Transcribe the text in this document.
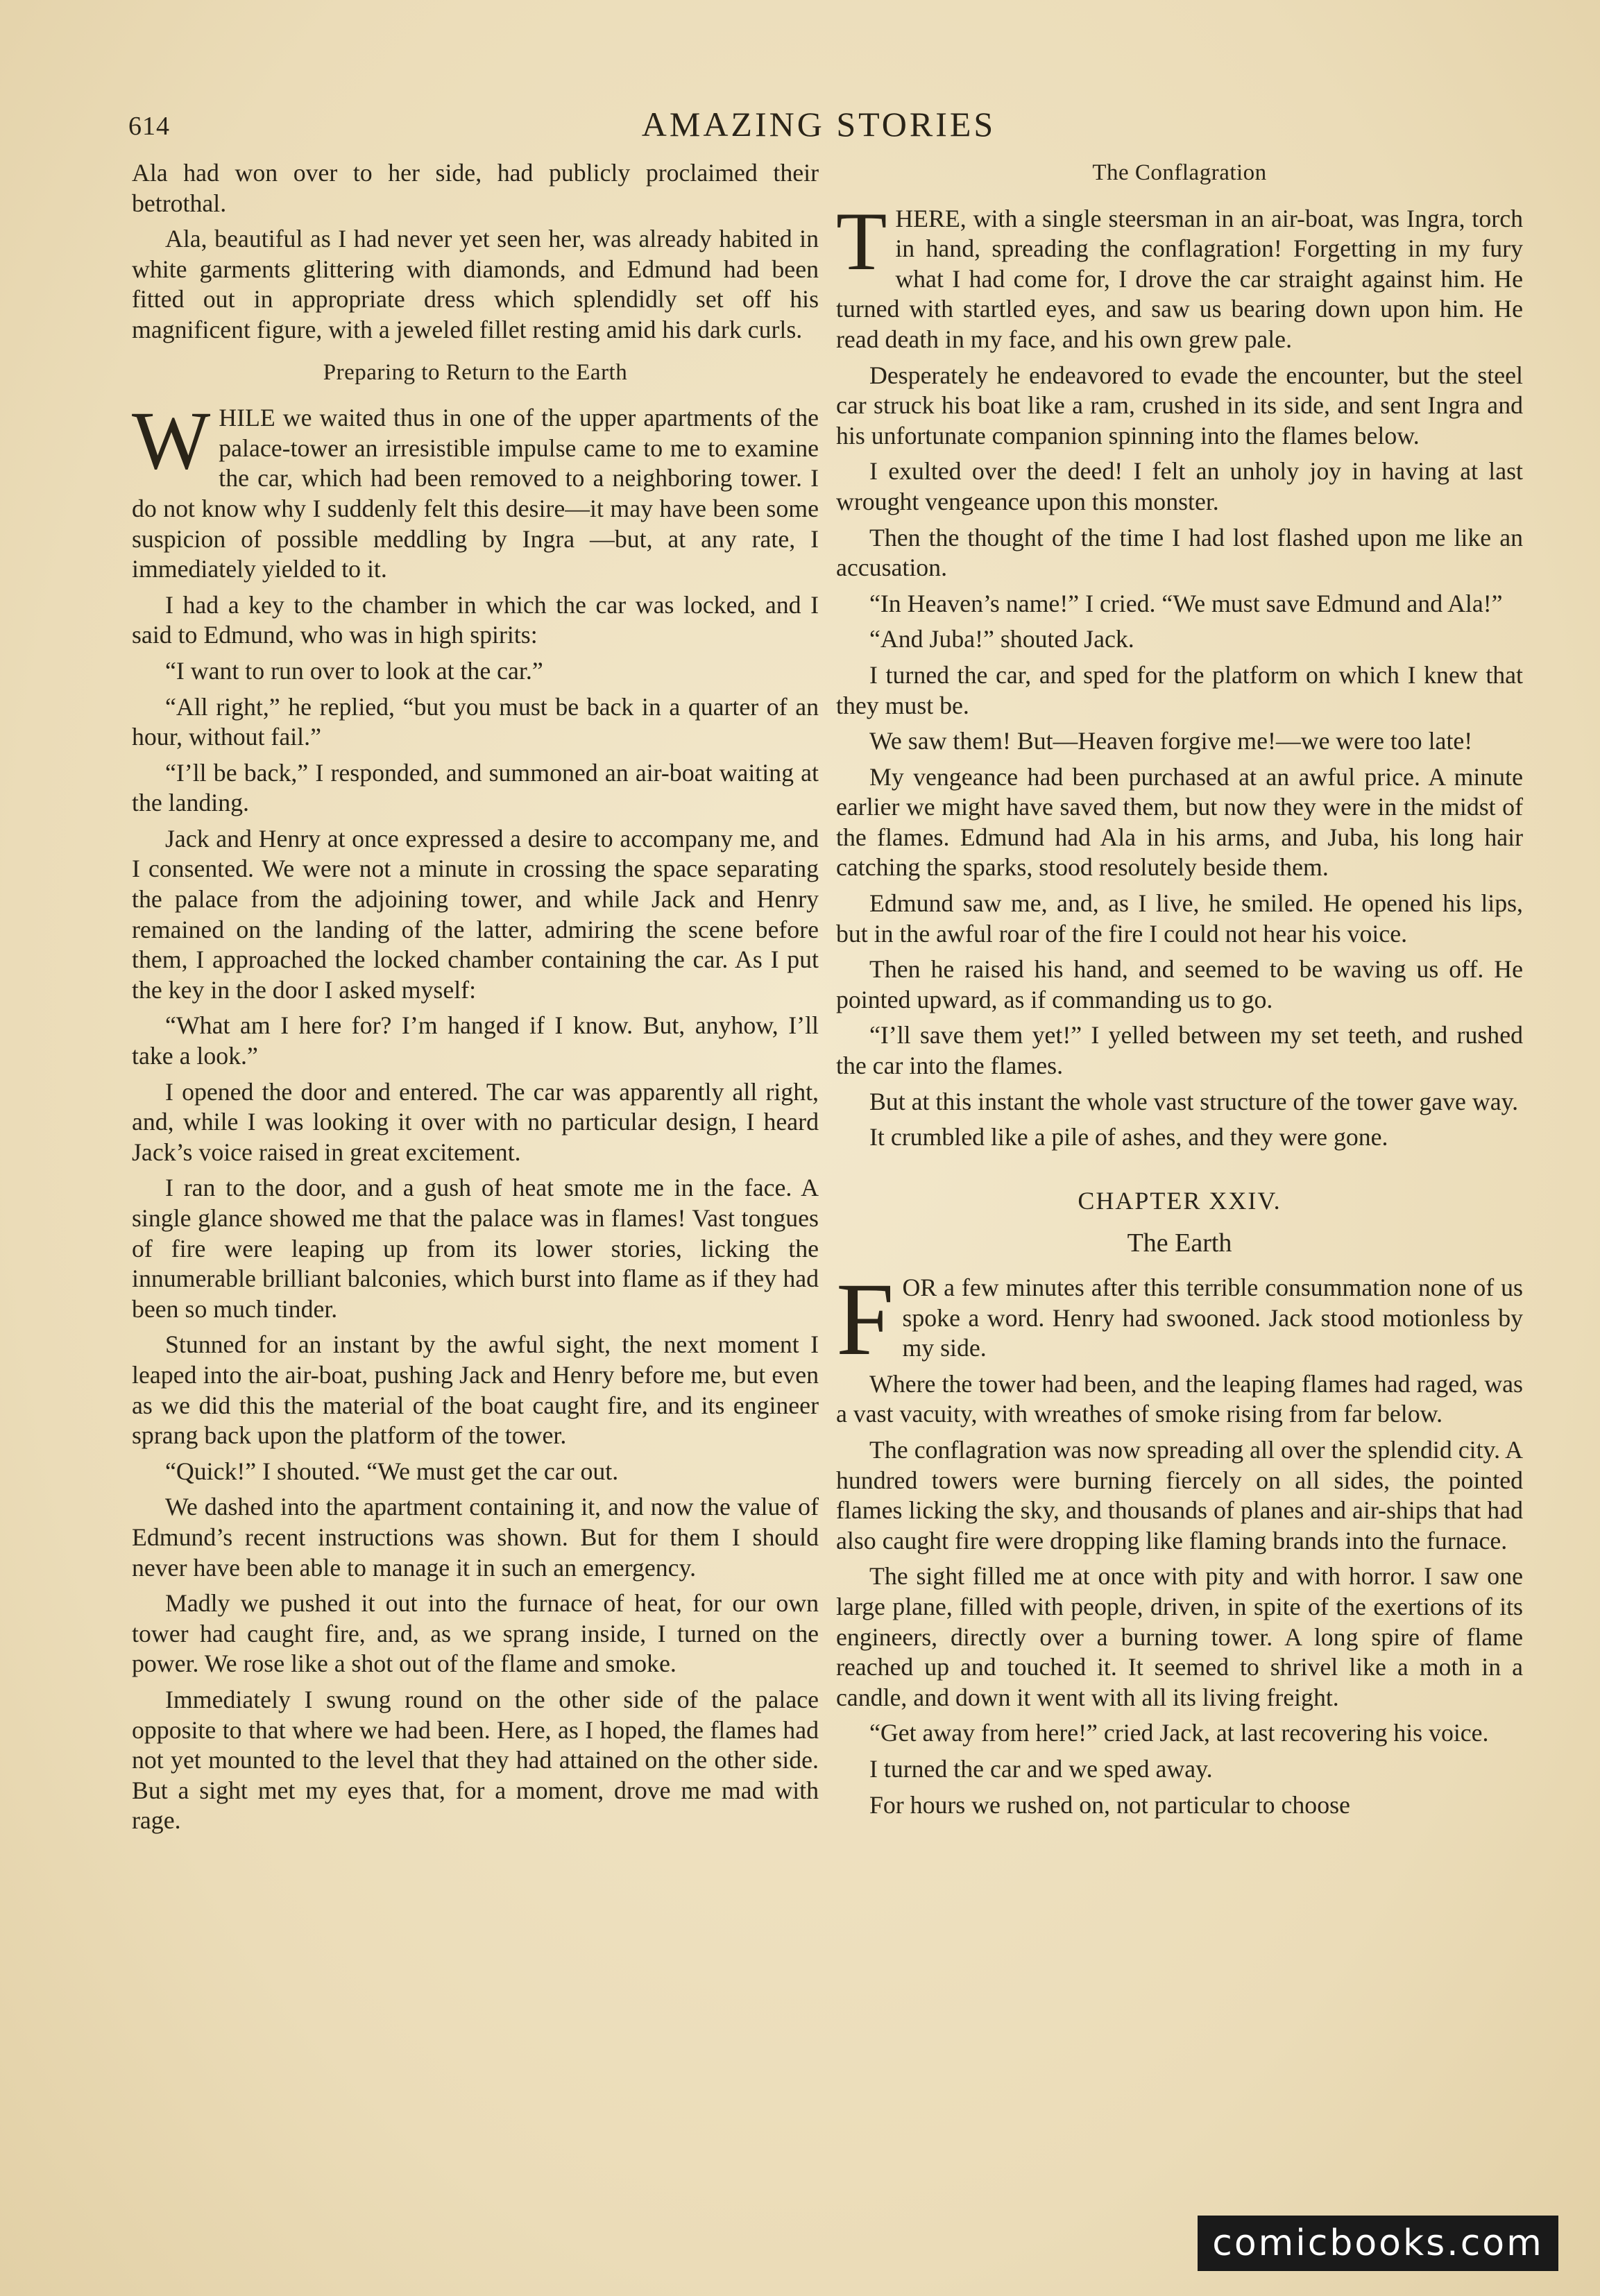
614	AMAZING STORIES

Ala had won over to her side, had publicly proclaimed their betrothal.

Ala, beautiful as I had never yet seen her, was already habited in white garments glittering with diamonds, and Edmund had been fitted out in appropriate dress which splendidly set off his magnificent figure, with a jeweled fillet resting amid his dark curls.

Preparing to Return to the Earth

WHILE we waited thus in one of the upper apartments of the palace-tower an irresistible impulse came to me to examine the car, which had been removed to a neighboring tower. I do not know why I suddenly felt this desire—it may have been some suspicion of possible meddling by Ingra —but, at any rate, I immediately yielded to it.

I had a key to the chamber in which the car was locked, and I said to Edmund, who was in high spirits:

“I want to run over to look at the car.”

“All right,” he replied, “but you must be back in a quarter of an hour, without fail.”

“I’ll be back,” I responded, and summoned an air-boat waiting at the landing.

Jack and Henry at once expressed a desire to accompany me, and I consented. We were not a minute in crossing the space separating the palace from the adjoining tower, and while Jack and Henry remained on the landing of the latter, admiring the scene before them, I approached the locked chamber containing the car. As I put the key in the door I asked myself:

“What am I here for? I’m hanged if I know. But, anyhow, I’ll take a look.”

I opened the door and entered. The car was apparently all right, and, while I was looking it over with no particular design, I heard Jack’s voice raised in great excitement.

I ran to the door, and a gush of heat smote me in the face. A single glance showed me that the palace was in flames! Vast tongues of fire were leaping up from its lower stories, licking the innumerable brilliant balconies, which burst into flame as if they had been so much tinder.

Stunned for an instant by the awful sight, the next moment I leaped into the air-boat, pushing Jack and Henry before me, but even as we did this the material of the boat caught fire, and its engineer sprang back upon the platform of the tower.

“Quick!” I shouted. “We must get the car out.

We dashed into the apartment containing it, and now the value of Edmund’s recent instructions was shown. But for them I should never have been able to manage it in such an emergency.

Madly we pushed it out into the furnace of heat, for our own tower had caught fire, and, as we sprang inside, I turned on the power. We rose like a shot out of the flame and smoke.

Immediately I swung round on the other side of the palace opposite to that where we had been. Here, as I hoped, the flames had not yet mounted to the level that they had attained on the other side. But a sight met my eyes that, for a moment, drove me mad with rage.

The Conflagration

THERE, with a single steersman in an air-boat, was Ingra, torch in hand, spreading the conflagration! Forgetting in my fury what I had come for, I drove the car straight against him. He turned with startled eyes, and saw us bearing down upon him. He read death in my face, and his own grew pale.

Desperately he endeavored to evade the encounter, but the steel car struck his boat like a ram, crushed in its side, and sent Ingra and his unfortunate companion spinning into the flames below.

I exulted over the deed! I felt an unholy joy in having at last wrought vengeance upon this monster.

Then the thought of the time I had lost flashed upon me like an accusation.

“In Heaven’s name!” I cried. “We must save Edmund and Ala!”

“And Juba!” shouted Jack.

I turned the car, and sped for the platform on which I knew that they must be.

We saw them! But—Heaven forgive me!—we were too late!

My vengeance had been purchased at an awful price. A minute earlier we might have saved them, but now they were in the midst of the flames. Edmund had Ala in his arms, and Juba, his long hair catching the sparks, stood resolutely beside them.

Edmund saw me, and, as I live, he smiled. He opened his lips, but in the awful roar of the fire I could not hear his voice.

Then he raised his hand, and seemed to be waving us off. He pointed upward, as if commanding us to go.

“I’ll save them yet!” I yelled between my set teeth, and rushed the car into the flames.

But at this instant the whole vast structure of the tower gave way.

It crumbled like a pile of ashes, and they were gone.

CHAPTER XXIV.
The Earth

FOR a few minutes after this terrible consummation none of us spoke a word. Henry had swooned. Jack stood motionless by my side.

Where the tower had been, and the leaping flames had raged, was a vast vacuity, with wreathes of smoke rising from far below.

The conflagration was now spreading all over the splendid city. A hundred towers were burning fiercely on all sides, the pointed flames licking the sky, and thousands of planes and air-ships that had also caught fire were dropping like flaming brands into the furnace.

The sight filled me at once with pity and with horror. I saw one large plane, filled with people, driven, in spite of the exertions of its engineers, directly over a burning tower. A long spire of flame reached up and touched it. It seemed to shrivel like a moth in a candle, and down it went with all its living freight.

“Get away from here!” cried Jack, at last recovering his voice.

I turned the car and we sped away.

For hours we rushed on, not particular to choose

comicbooks.com
